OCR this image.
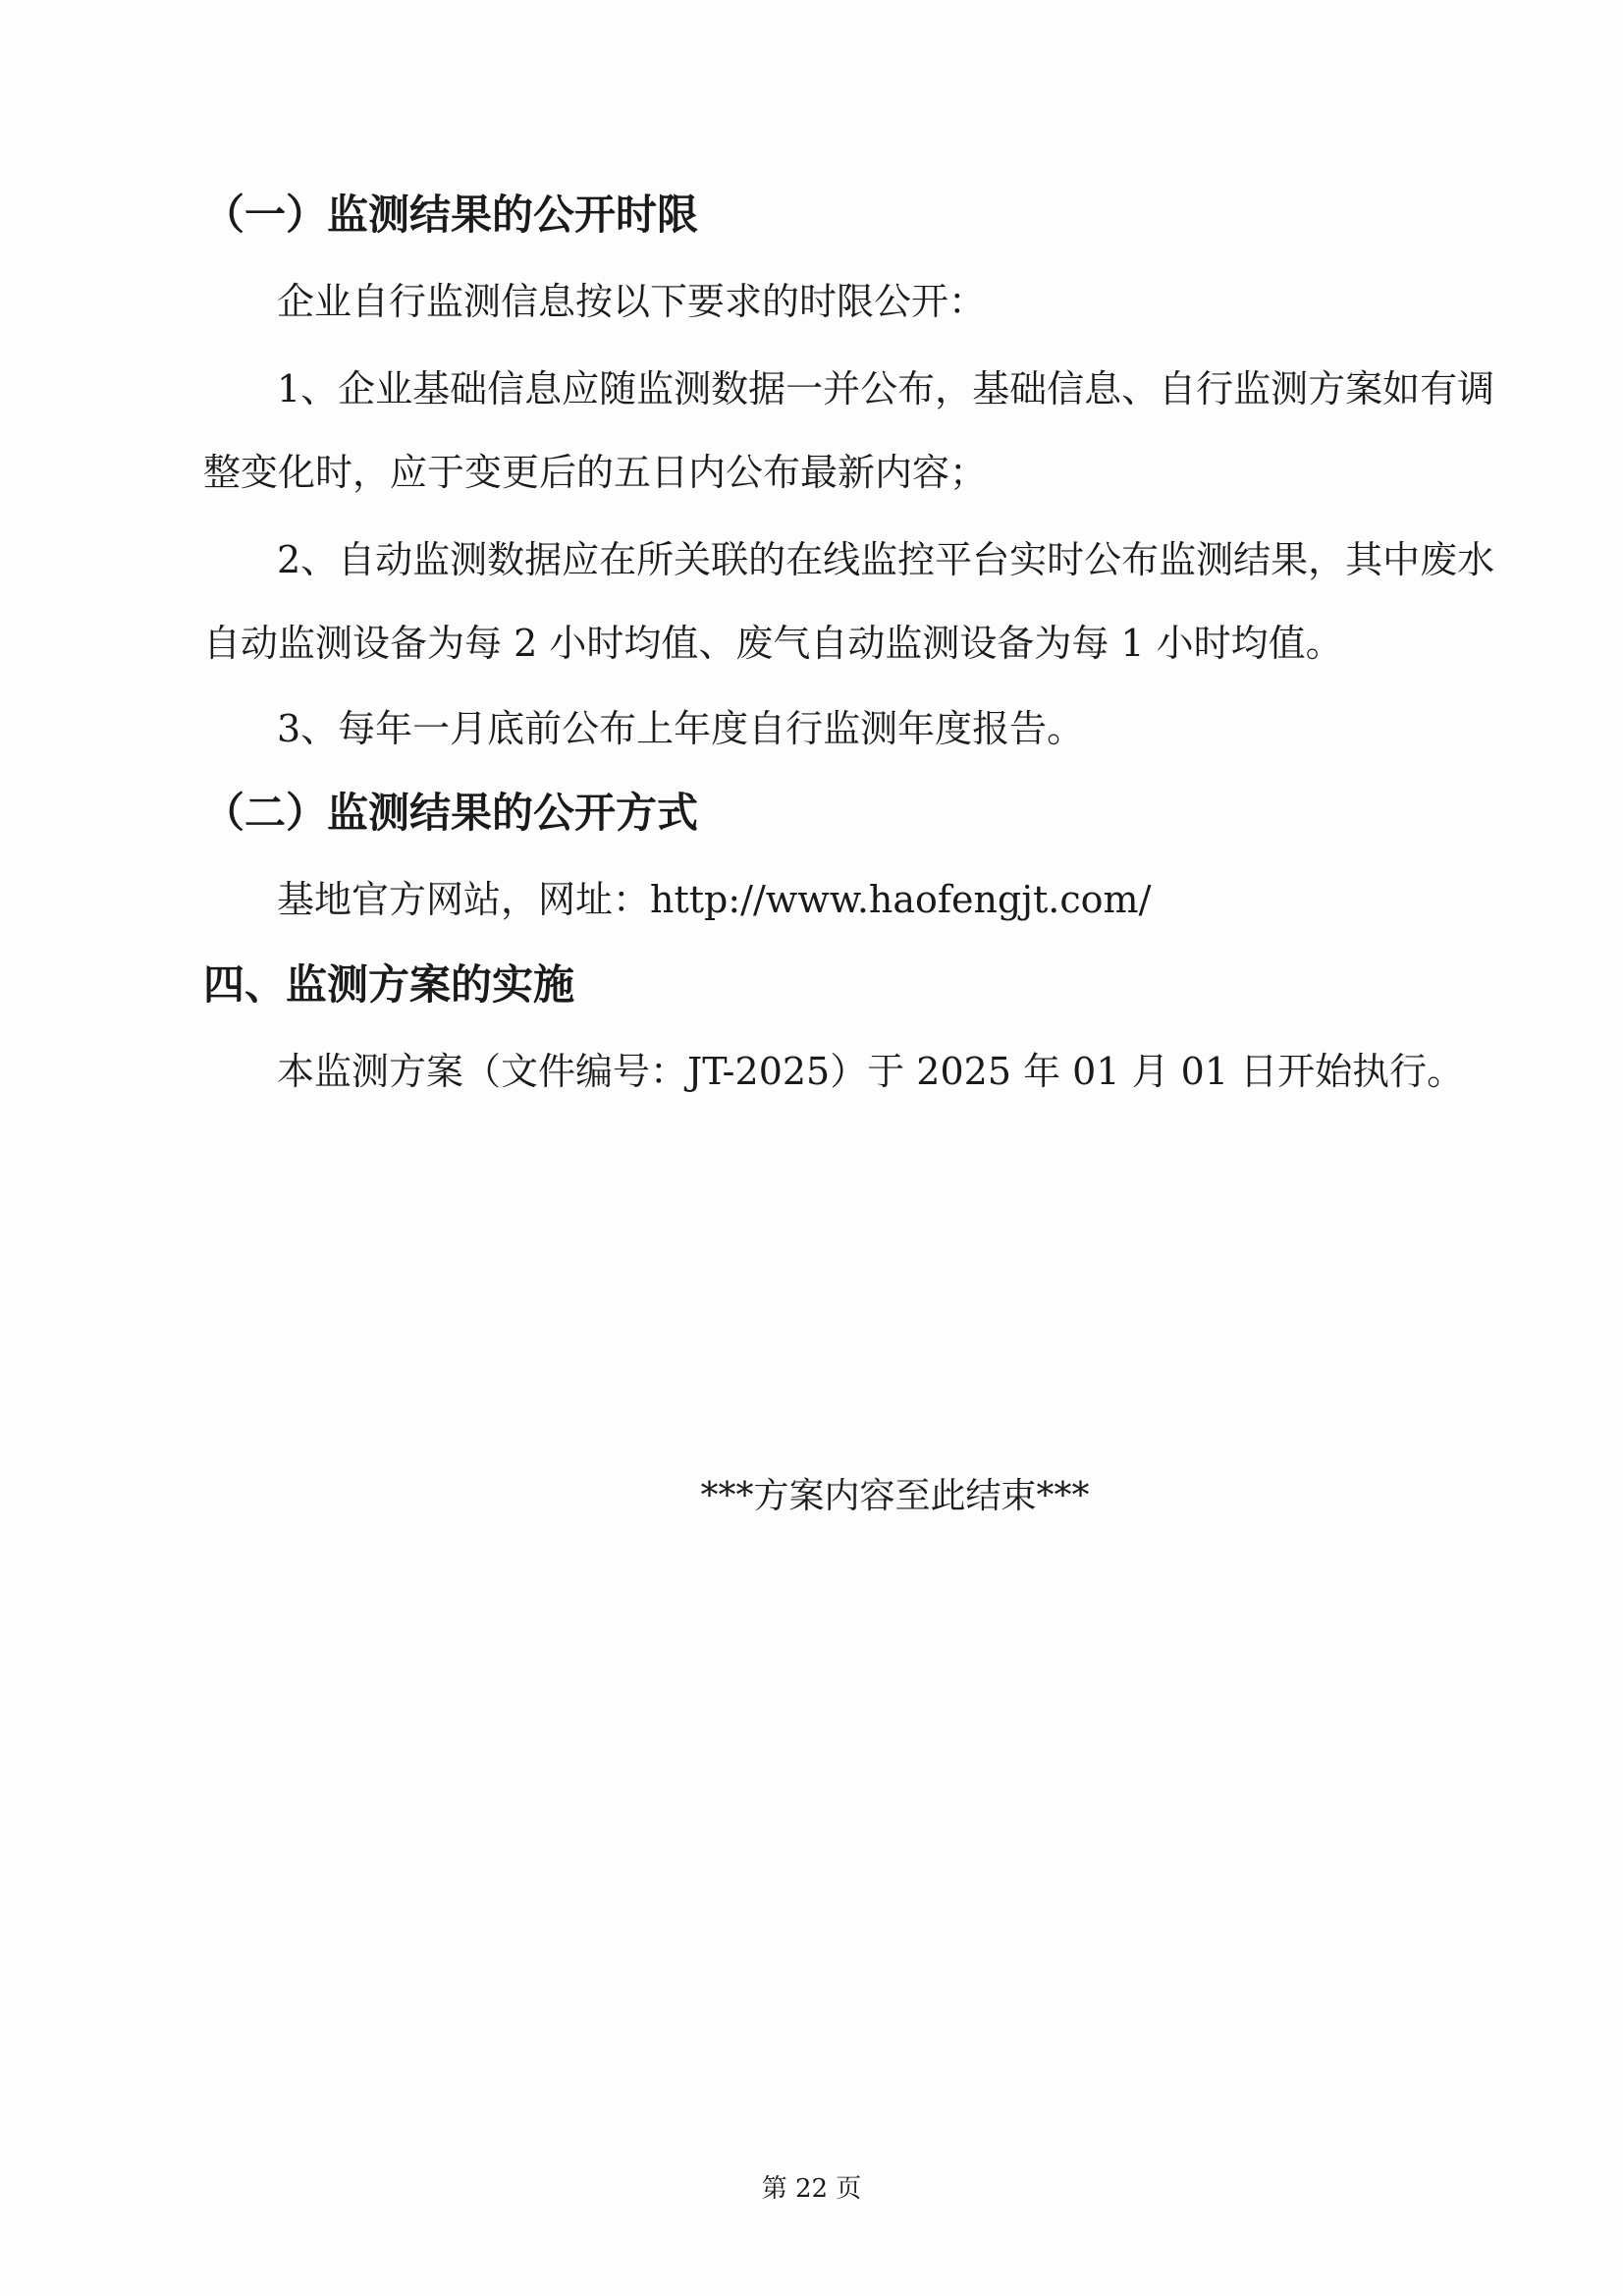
（一）监测结果的公开时限
企业自行监测信息按以下要求的时限公开：
1、企业基础信息应随监测数据一并公布，基础信息、自行监测方案如有调
整变化时，应于变更后的五日内公布最新内容；
2、自动监测数据应在所关联的在线监控平台实时公布监测结果，其中废水
自动监测设备为每 2 小时均值、废气自动监测设备为每 1 小时均值。
3、每年一月底前公布上年度自行监测年度报告。
（二）监测结果的公开方式
基地官方网站，网址：http://www.haofengjt.com/
四、监测方案的实施
本监测方案（文件编号：JT-2025）于 2025 年 01 月 01 日开始执行。
***方案内容至此结束***
第 22 页
